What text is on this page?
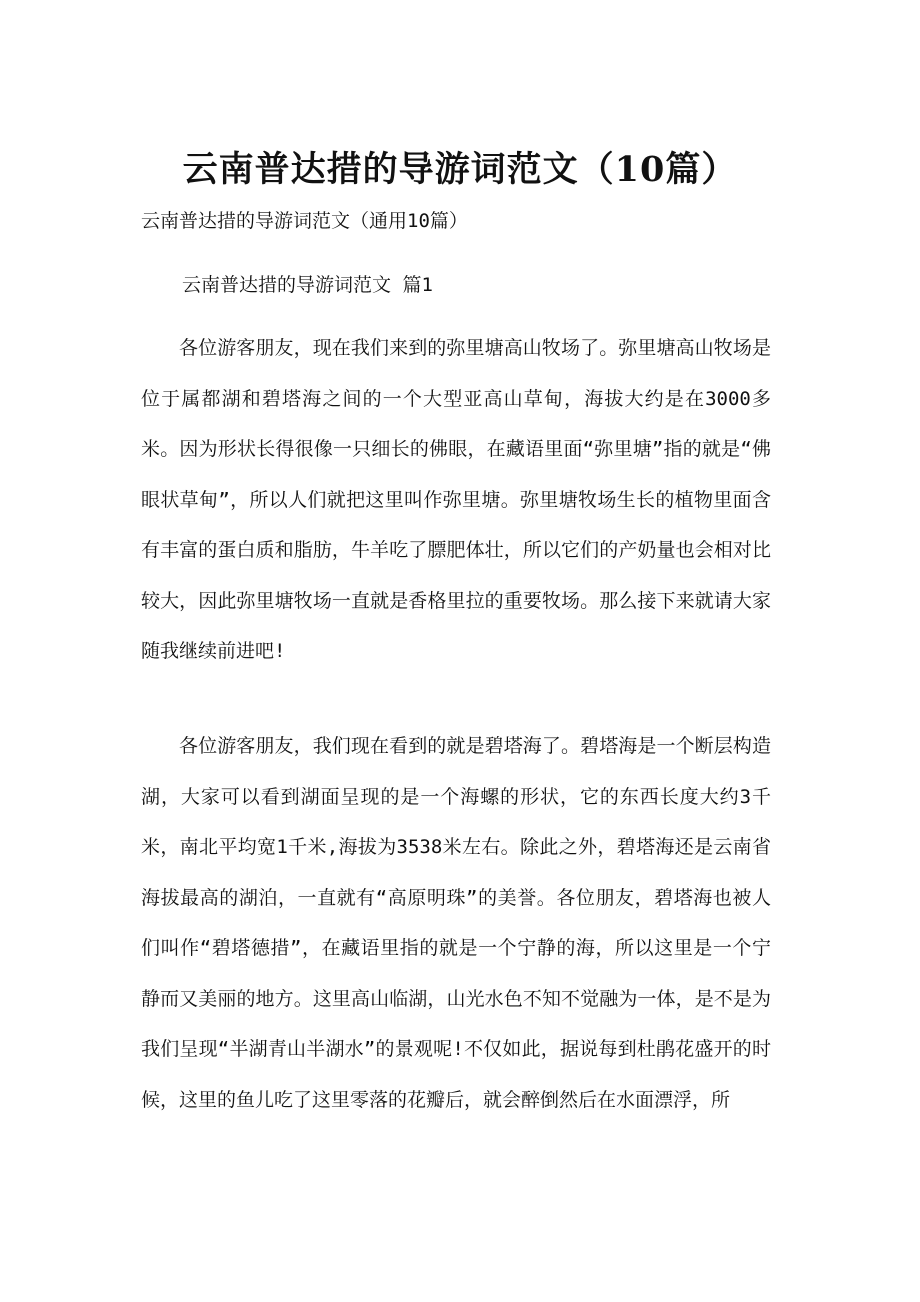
云南普达措的导游词范文（10篇）

云南普达措的导游词范文（通用10篇）

云南普达措的导游词范文 篇1

各位游客朋友，现在我们来到的弥里塘高山牧场了。弥里塘高山牧场是位于属都湖和碧塔海之间的一个大型亚高山草甸，海拔大约是在3000多米。因为形状长得很像一只细长的佛眼，在藏语里面“弥里塘”指的就是“佛眼状草甸”，所以人们就把这里叫作弥里塘。弥里塘牧场生长的植物里面含有丰富的蛋白质和脂肪，牛羊吃了膘肥体壮，所以它们的产奶量也会相对比较大，因此弥里塘牧场一直就是香格里拉的重要牧场。那么接下来就请大家随我继续前进吧!

各位游客朋友，我们现在看到的就是碧塔海了。碧塔海是一个断层构造湖，大家可以看到湖面呈现的是一个海螺的形状，它的东西长度大约3千米，南北平均宽1千米,海拔为3538米左右。除此之外，碧塔海还是云南省海拔最高的湖泊，一直就有“高原明珠”的美誉。各位朋友，碧塔海也被人们叫作“碧塔德措”，在藏语里指的就是一个宁静的海，所以这里是一个宁静而又美丽的地方。这里高山临湖，山光水色不知不觉融为一体，是不是为我们呈现“半湖青山半湖水”的景观呢!不仅如此，据说每到杜鹃花盛开的时候，这里的鱼儿吃了这里零落的花瓣后，就会醉倒然后在水面漂浮，所
